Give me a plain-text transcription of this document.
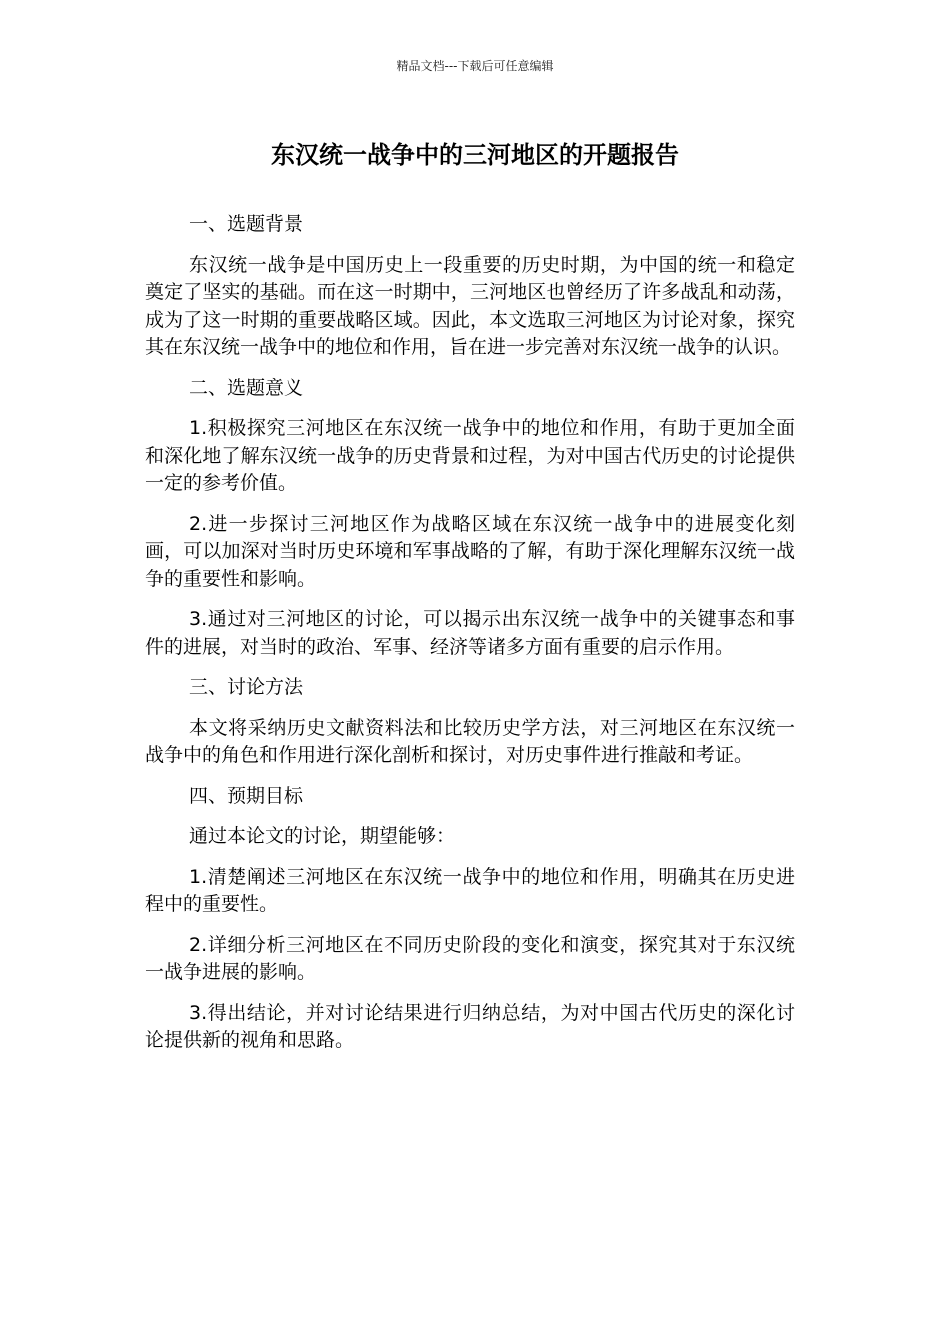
精品文档---下载后可任意编辑
东汉统一战争中的三河地区的开题报告

一、选题背景

东汉统一战争是中国历史上一段重要的历史时期，为中国的统一和稳定奠定了坚实的基础。而在这一时期中，三河地区也曾经历了许多战乱和动荡，成为了这一时期的重要战略区域。因此，本文选取三河地区为讨论对象，探究其在东汉统一战争中的地位和作用，旨在进一步完善对东汉统一战争的认识。

二、选题意义

1.积极探究三河地区在东汉统一战争中的地位和作用，有助于更加全面和深化地了解东汉统一战争的历史背景和过程，为对中国古代历史的讨论提供一定的参考价值。

2.进一步探讨三河地区作为战略区域在东汉统一战争中的进展变化刻画，可以加深对当时历史环境和军事战略的了解，有助于深化理解东汉统一战争的重要性和影响。

3.通过对三河地区的讨论，可以揭示出东汉统一战争中的关键事态和事件的进展，对当时的政治、军事、经济等诸多方面有重要的启示作用。

三、讨论方法

本文将采纳历史文献资料法和比较历史学方法，对三河地区在东汉统一战争中的角色和作用进行深化剖析和探讨，对历史事件进行推敲和考证。

四、预期目标

通过本论文的讨论，期望能够：

1.清楚阐述三河地区在东汉统一战争中的地位和作用，明确其在历史进程中的重要性。

2.详细分析三河地区在不同历史阶段的变化和演变，探究其对于东汉统一战争进展的影响。

3.得出结论，并对讨论结果进行归纳总结，为对中国古代历史的深化讨论提供新的视角和思路。
